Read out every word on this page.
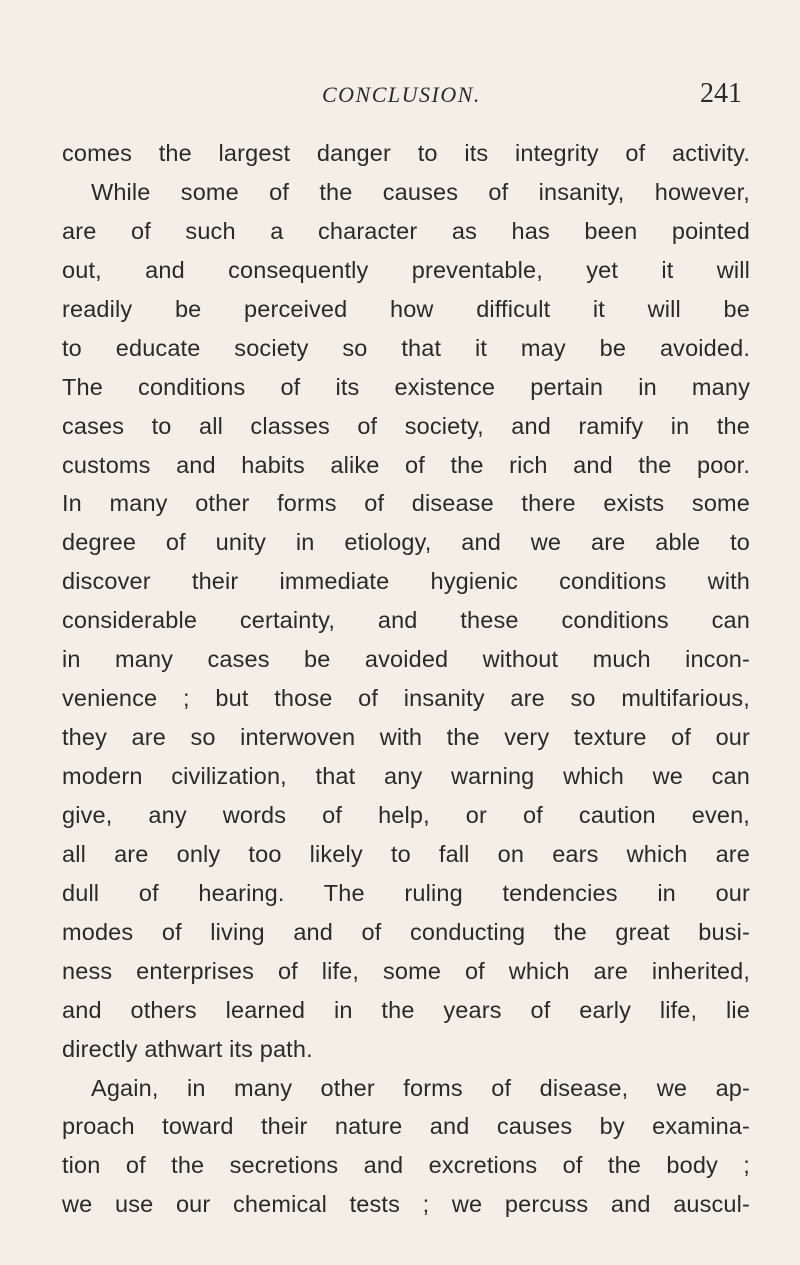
CONCLUSION.	241
comes the largest danger to its integrity of activity.
While some of the causes of insanity, however,
are of such a character as has been pointed
out, and consequently preventable, yet it will
readily be perceived how difficult it will be
to educate society so that it may be avoided.
The conditions of its existence pertain in many
cases to all classes of society, and ramify in the
customs and habits alike of the rich and the poor.
In many other forms of disease there exists some
degree of unity in etiology, and we are able to
discover their immediate hygienic conditions with
considerable certainty, and these conditions can
in many cases be avoided without much incon-
venience ; but those of insanity are so multifarious,
they are so interwoven with the very texture of our
modern civilization, that any warning which we can
give, any words of help, or of caution even,
all are only too likely to fall on ears which are
dull of hearing. The ruling tendencies in our
modes of living and of conducting the great busi-
ness enterprises of life, some of which are inherited,
and others learned in the years of early life, lie
directly athwart its path.
Again, in many other forms of disease, we ap-
proach toward their nature and causes by examina-
tion of the secretions and excretions of the body ;
we use our chemical tests ; we percuss and auscul-
